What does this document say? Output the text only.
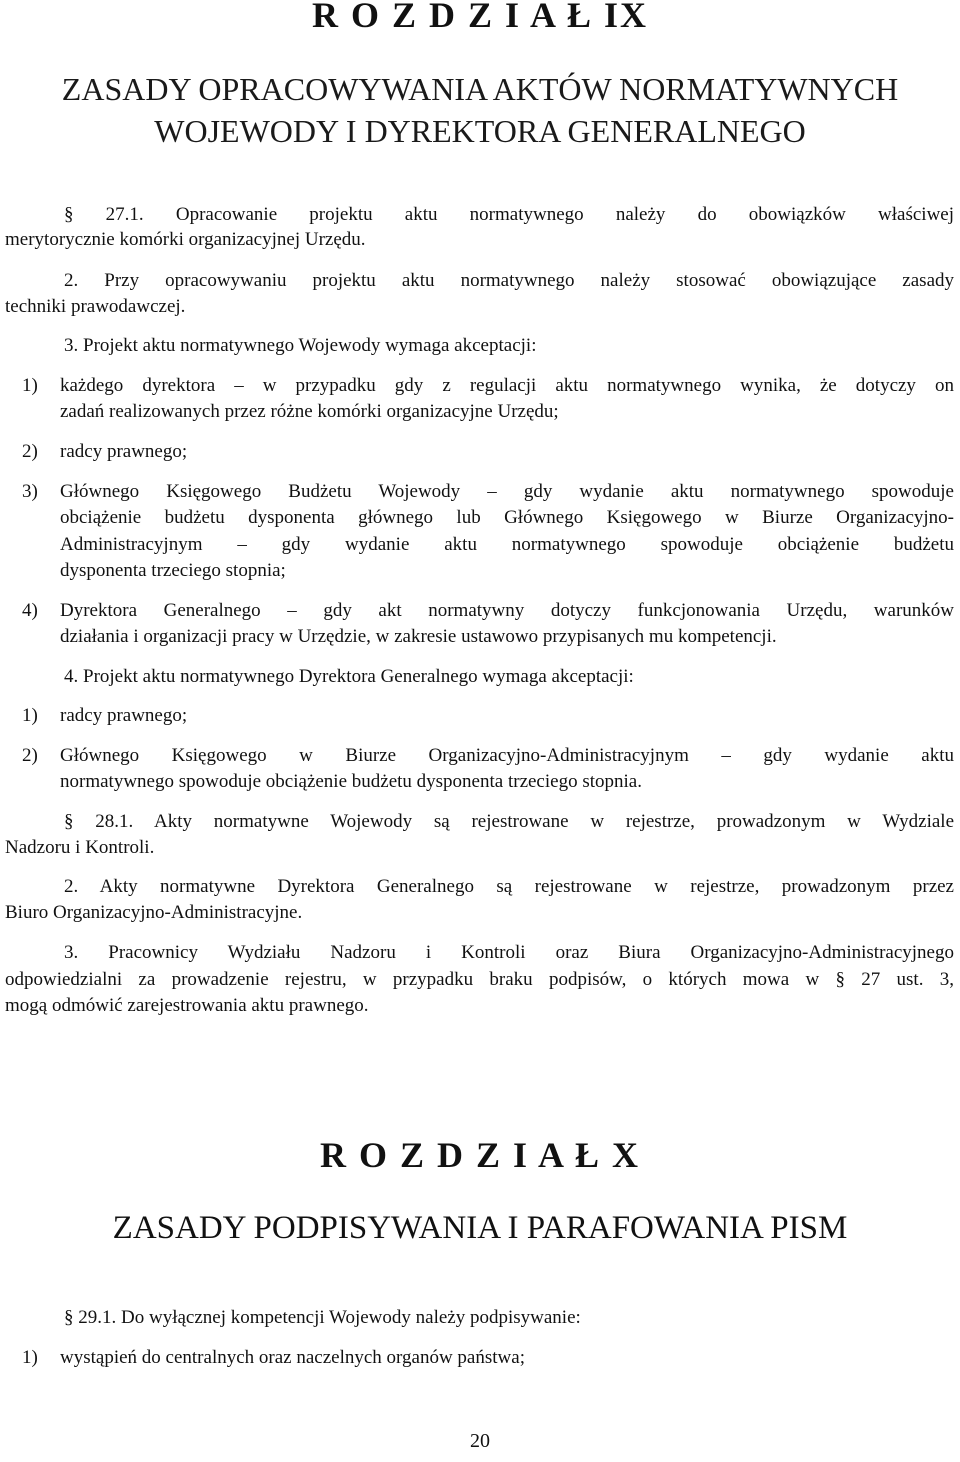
R O Z D Z I A Ł IX
ZASADY OPRACOWYWANIA AKTÓW NORMATYWNYCH
WOJEWODY I DYREKTORA GENERALNEGO
§ 27.1. Opracowanie projektu aktu normatywnego należy do obowiązków właściwej
merytorycznie komórki organizacyjnej Urzędu.
2. Przy opracowywaniu projektu aktu normatywnego należy stosować obowiązujące zasady
techniki prawodawczej.
3. Projekt aktu normatywnego Wojewody wymaga akceptacji:
1) każdego dyrektora – w przypadku gdy z regulacji aktu normatywnego wynika, że dotyczy on
zadań realizowanych przez różne komórki organizacyjne Urzędu;
2) radcy prawnego;
3) Głównego Księgowego Budżetu Wojewody – gdy wydanie aktu normatywnego spowoduje
obciążenie budżetu dysponenta głównego lub Głównego Księgowego w Biurze Organizacyjno-
Administracyjnym – gdy wydanie aktu normatywnego spowoduje obciążenie budżetu
dysponenta trzeciego stopnia;
4) Dyrektora Generalnego – gdy akt normatywny dotyczy funkcjonowania Urzędu, warunków
działania i organizacji pracy w Urzędzie, w zakresie ustawowo przypisanych mu kompetencji.
4. Projekt aktu normatywnego Dyrektora Generalnego wymaga akceptacji:
1) radcy prawnego;
2) Głównego Księgowego w Biurze Organizacyjno-Administracyjnym – gdy wydanie aktu
normatywnego spowoduje obciążenie budżetu dysponenta trzeciego stopnia.
§ 28.1. Akty normatywne Wojewody są rejestrowane w rejestrze, prowadzonym w Wydziale
Nadzoru i Kontroli.
2. Akty normatywne Dyrektora Generalnego są rejestrowane w rejestrze, prowadzonym przez
Biuro Organizacyjno-Administracyjne.
3. Pracownicy Wydziału Nadzoru i Kontroli oraz Biura Organizacyjno-Administracyjnego
odpowiedzialni za prowadzenie rejestru, w przypadku braku podpisów, o których mowa w § 27 ust. 3,
mogą odmówić zarejestrowania aktu prawnego.
R O Z D Z I A Ł X
ZASADY PODPISYWANIA I PARAFOWANIA PISM
§ 29.1. Do wyłącznej kompetencji Wojewody należy podpisywanie:
1) wystąpień do centralnych oraz naczelnych organów państwa;
20
